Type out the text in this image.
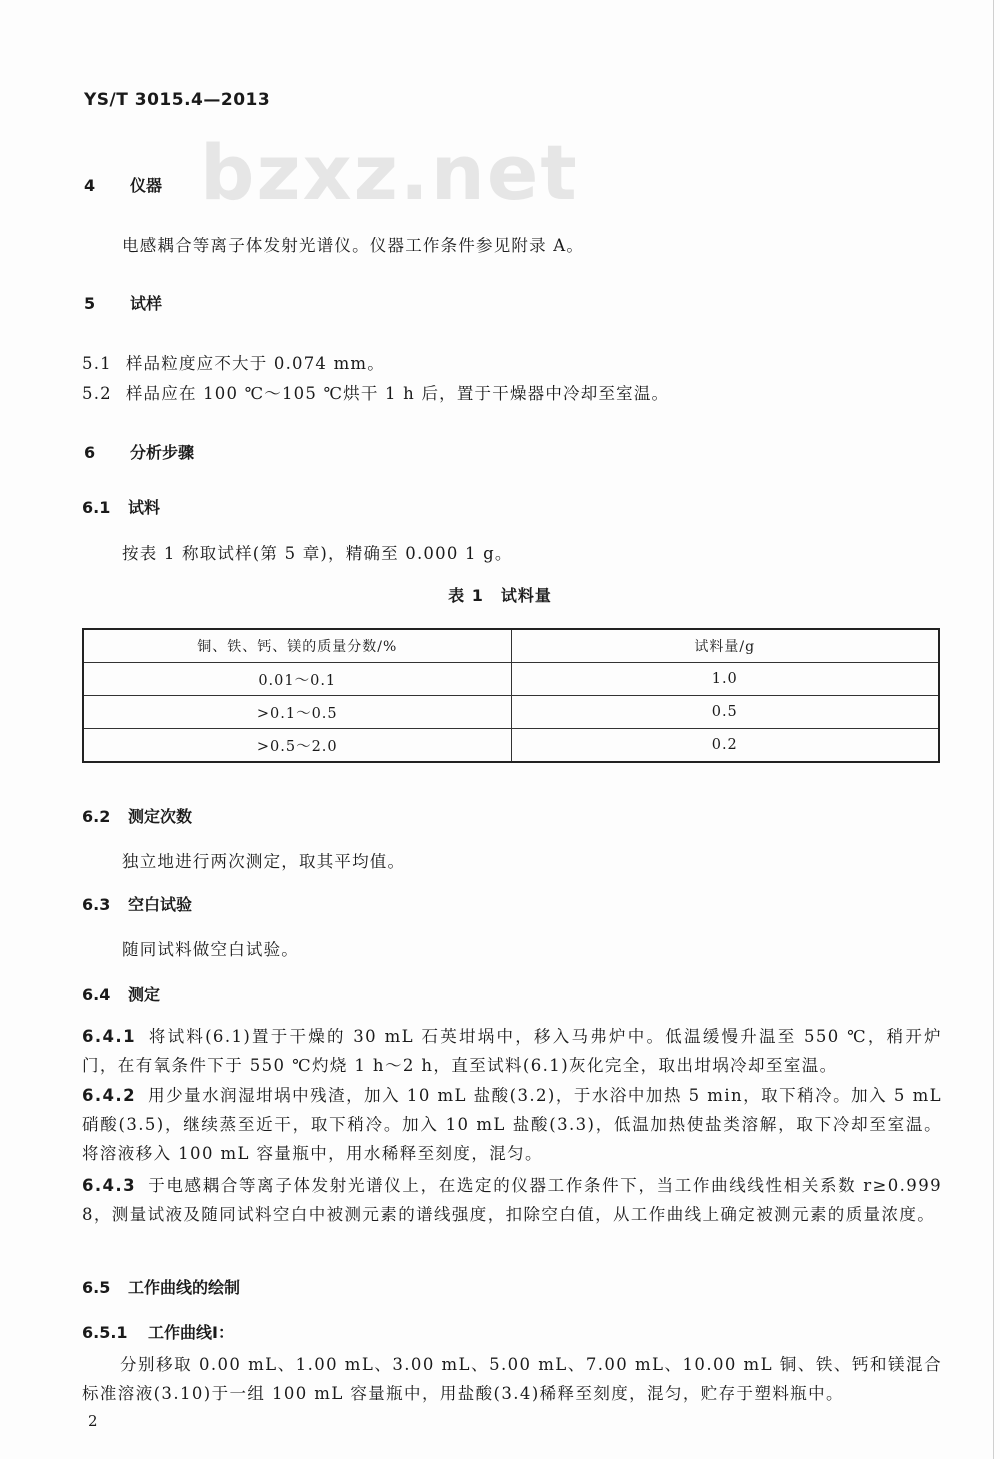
YS/T 3015.4—2013
bzxz.net
4 仪器
电感耦合等离子体发射光谱仪。仪器工作条件参见附录 A。
5 试样
5.1 样品粒度应不大于 0.074 mm。
5.2 样品应在 100 ℃～105 ℃烘干 1 h 后，置于干燥器中冷却至室温。
6 分析步骤
6.1 试料
按表 1 称取试样(第 5 章)，精确至 0.000 1 g。
表 1　试料量
铜、铁、钙、镁的质量分数/%	试料量/g
0.01～0.1	1.0
>0.1～0.5	0.5
>0.5～2.0	0.2
6.2 测定次数
独立地进行两次测定，取其平均值。
6.3 空白试验
随同试料做空白试验。
6.4 测定
6.4.1 将试料(6.1)置于干燥的 30 mL 石英坩埚中，移入马弗炉中。低温缓慢升温至 550 ℃，稍开炉门，在有氧条件下于 550 ℃灼烧 1 h～2 h，直至试料(6.1)灰化完全，取出坩埚冷却至室温。
6.4.2 用少量水润湿坩埚中残渣，加入 10 mL 盐酸(3.2)，于水浴中加热 5 min，取下稍冷。加入 5 mL 硝酸(3.5)，继续蒸至近干，取下稍冷。加入 10 mL 盐酸(3.3)，低温加热使盐类溶解，取下冷却至室温。将溶液移入 100 mL 容量瓶中，用水稀释至刻度，混匀。
6.4.3 于电感耦合等离子体发射光谱仪上，在选定的仪器工作条件下，当工作曲线线性相关系数 r≥0.999 8，测量试液及随同试料空白中被测元素的谱线强度，扣除空白值，从工作曲线上确定被测元素的质量浓度。
6.5 工作曲线的绘制
6.5.1 工作曲线Ⅰ：
分别移取 0.00 mL、1.00 mL、3.00 mL、5.00 mL、7.00 mL、10.00 mL 铜、铁、钙和镁混合标准溶液(3.10)于一组 100 mL 容量瓶中，用盐酸(3.4)稀释至刻度，混匀，贮存于塑料瓶中。
2
